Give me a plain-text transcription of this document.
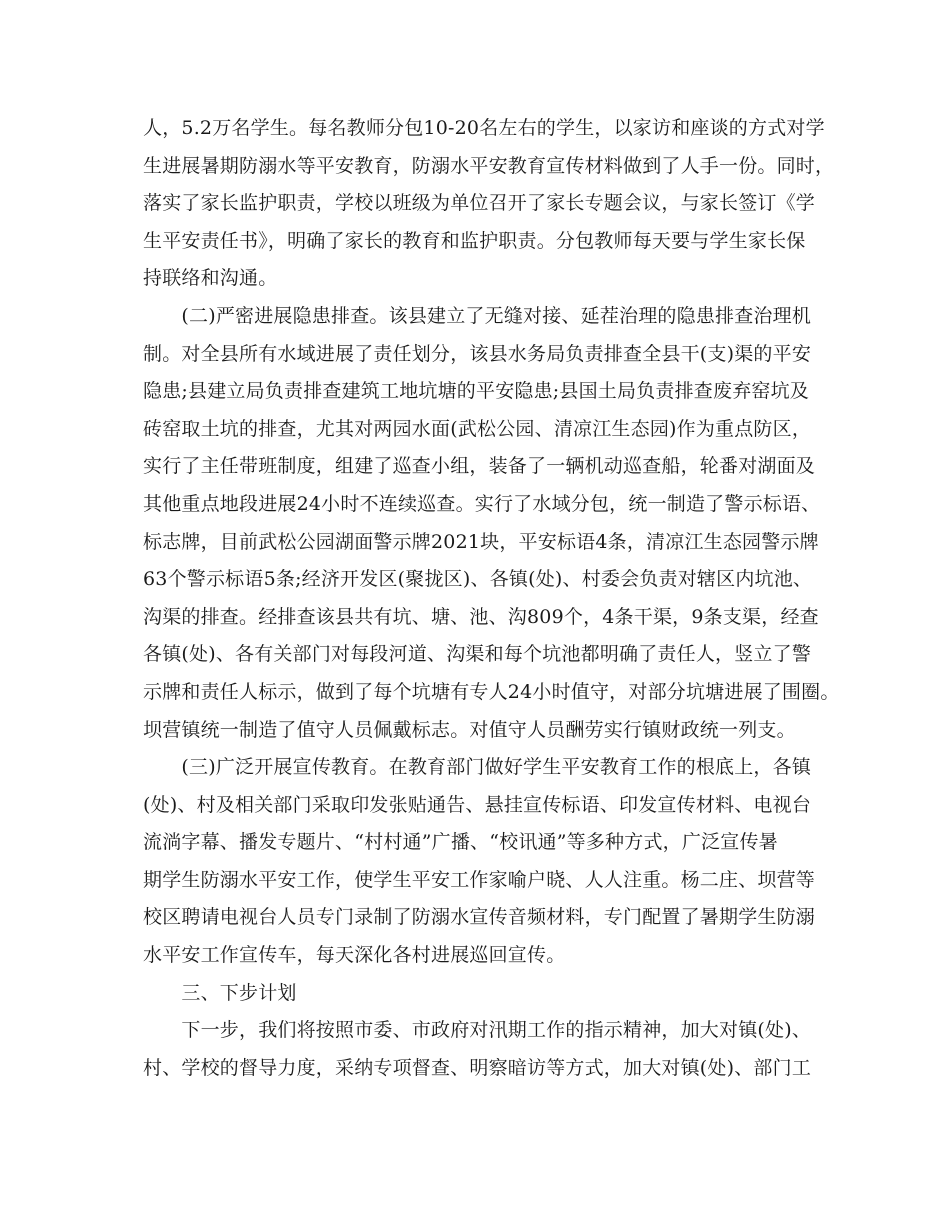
人，5.2万名学生。每名教师分包10-20名左右的学生，以家访和座谈的方式对学
生进展暑期防溺水等平安教育，防溺水平安教育宣传材料做到了人手一份。同时，
落实了家长监护职责，学校以班级为单位召开了家长专题会议，与家长签订《学
生平安责任书》，明确了家长的教育和监护职责。分包教师每天要与学生家长保
持联络和沟通。
　　(二)严密进展隐患排查。该县建立了无缝对接、延茬治理的隐患排查治理机
制。对全县所有水域进展了责任划分，该县水务局负责排查全县干(支)渠的平安
隐患;县建立局负责排查建筑工地坑塘的平安隐患;县国土局负责排查废弃窑坑及
砖窑取土坑的排查，尤其对两园水面(武松公园、清凉江生态园)作为重点防区，
实行了主任带班制度，组建了巡查小组，装备了一辆机动巡查船，轮番对湖面及
其他重点地段进展24小时不连续巡查。实行了水域分包，统一制造了警示标语、
标志牌，目前武松公园湖面警示牌2021块，平安标语4条，清凉江生态园警示牌
63个警示标语5条;经济开发区(聚拢区)、各镇(处)、村委会负责对辖区内坑池、
沟渠的排查。经排查该县共有坑、塘、池、沟809个，4条干渠，9条支渠，经查
各镇(处)、各有关部门对每段河道、沟渠和每个坑池都明确了责任人，竖立了警
示牌和责任人标示，做到了每个坑塘有专人24小时值守，对部分坑塘进展了围圈。
坝营镇统一制造了值守人员佩戴标志。对值守人员酬劳实行镇财政统一列支。
　　(三)广泛开展宣传教育。在教育部门做好学生平安教育工作的根底上，各镇
(处)、村及相关部门采取印发张贴通告、悬挂宣传标语、印发宣传材料、电视台
流淌字幕、播发专题片、“村村通”广播、“校讯通”等多种方式，广泛宣传暑
期学生防溺水平安工作，使学生平安工作家喻户晓、人人注重。杨二庄、坝营等
校区聘请电视台人员专门录制了防溺水宣传音频材料，专门配置了暑期学生防溺
水平安工作宣传车，每天深化各村进展巡回宣传。
　　三、下步计划
　　下一步，我们将按照市委、市政府对汛期工作的指示精神，加大对镇(处)、
村、学校的督导力度，采纳专项督查、明察暗访等方式，加大对镇(处)、部门工
